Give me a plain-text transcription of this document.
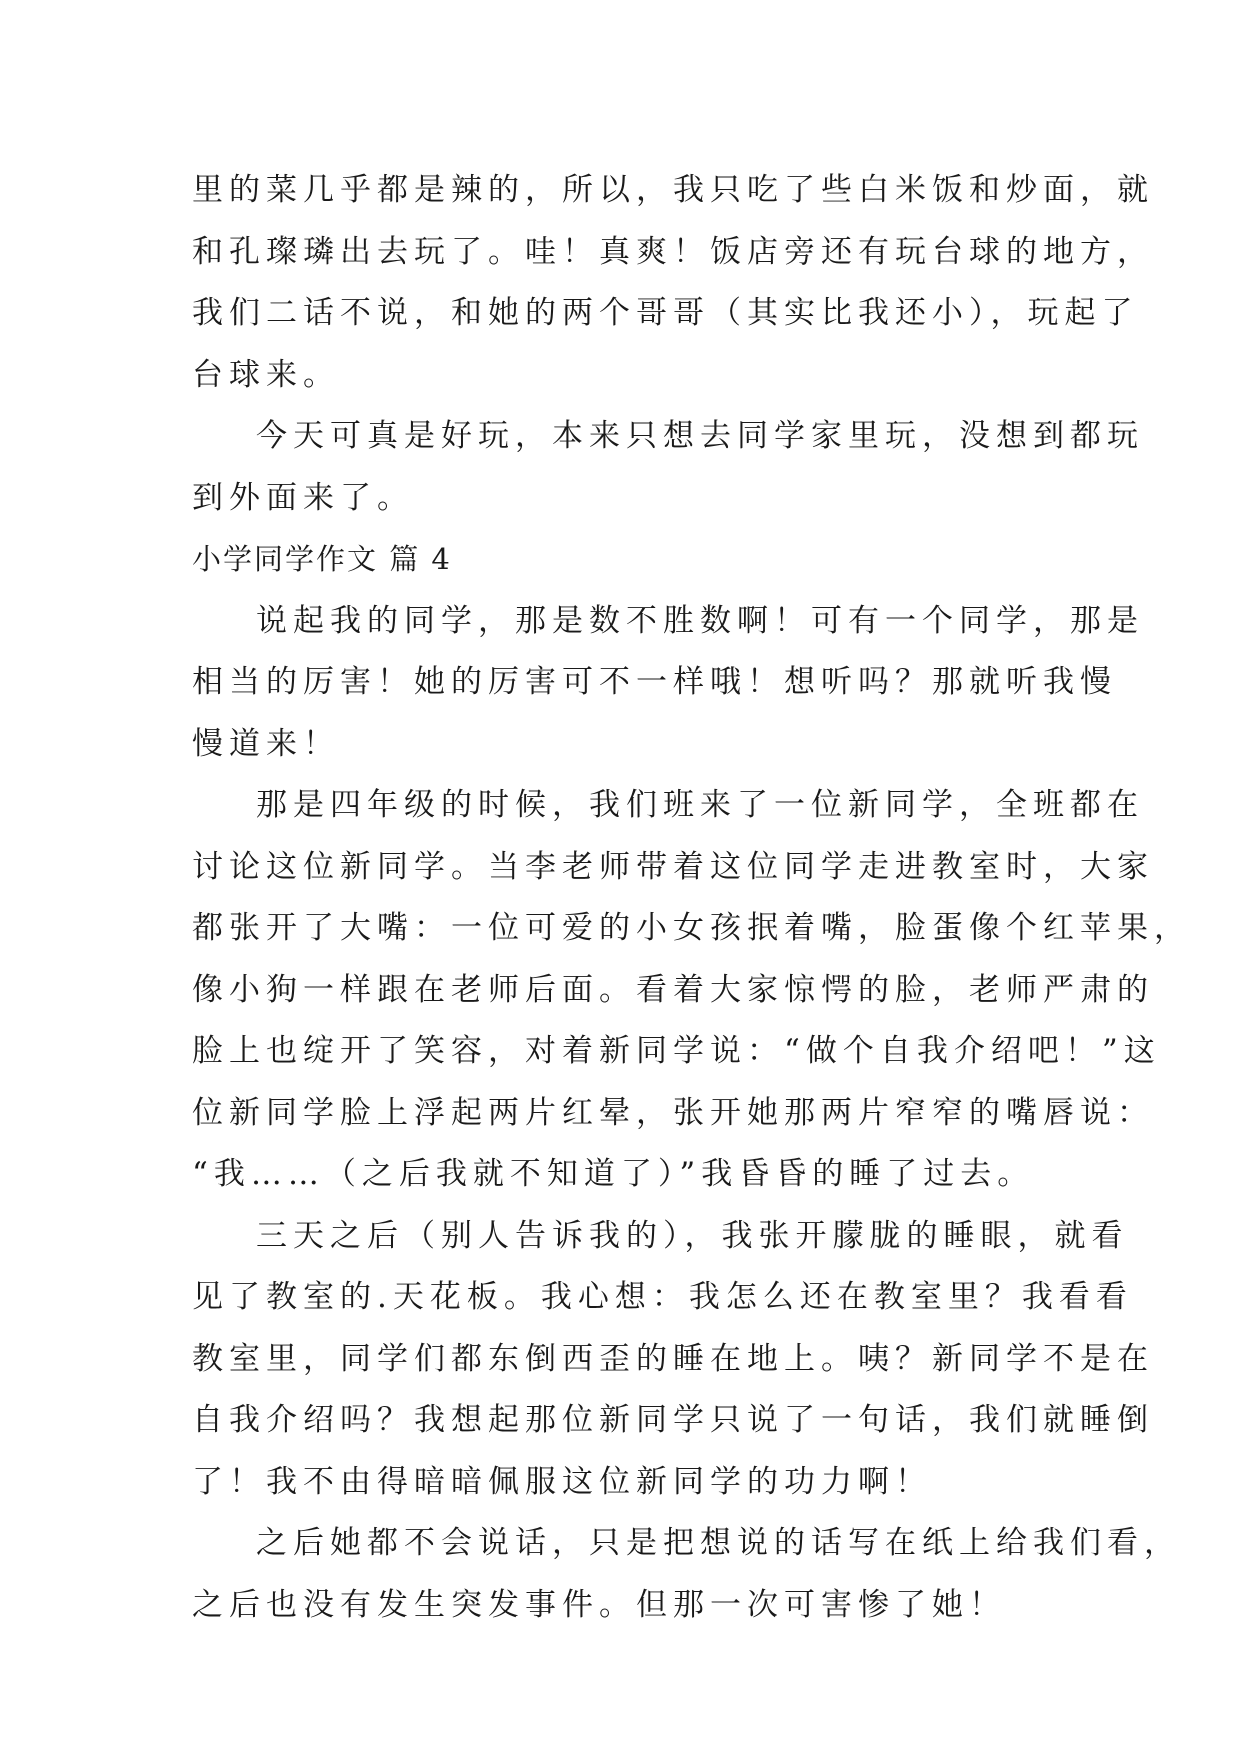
里的菜几乎都是辣的，所以，我只吃了些白米饭和炒面，就
和孔璨璘出去玩了。哇！真爽！饭店旁还有玩台球的地方，
我们二话不说，和她的两个哥哥（其实比我还小），玩起了
台球来。
今天可真是好玩，本来只想去同学家里玩，没想到都玩
到外面来了。
小学同学作文 篇 4
说起我的同学，那是数不胜数啊！可有一个同学，那是
相当的厉害！她的厉害可不一样哦！想听吗？那就听我慢
慢道来！
那是四年级的时候，我们班来了一位新同学，全班都在
讨论这位新同学。当李老师带着这位同学走进教室时，大家
都张开了大嘴：一位可爱的小女孩抿着嘴，脸蛋像个红苹果，
像小狗一样跟在老师后面。看着大家惊愕的脸，老师严肃的
脸上也绽开了笑容，对着新同学说：“做个自我介绍吧！”这
位新同学脸上浮起两片红晕，张开她那两片窄窄的嘴唇说：
“我……（之后我就不知道了）”我昏昏的睡了过去。
三天之后（别人告诉我的），我张开朦胧的睡眼，就看
见了教室的.天花板。我心想：我怎么还在教室里？我看看
教室里，同学们都东倒西歪的睡在地上。咦？新同学不是在
自我介绍吗？我想起那位新同学只说了一句话，我们就睡倒
了！我不由得暗暗佩服这位新同学的功力啊！
之后她都不会说话，只是把想说的话写在纸上给我们看，
之后也没有发生突发事件。但那一次可害惨了她！
